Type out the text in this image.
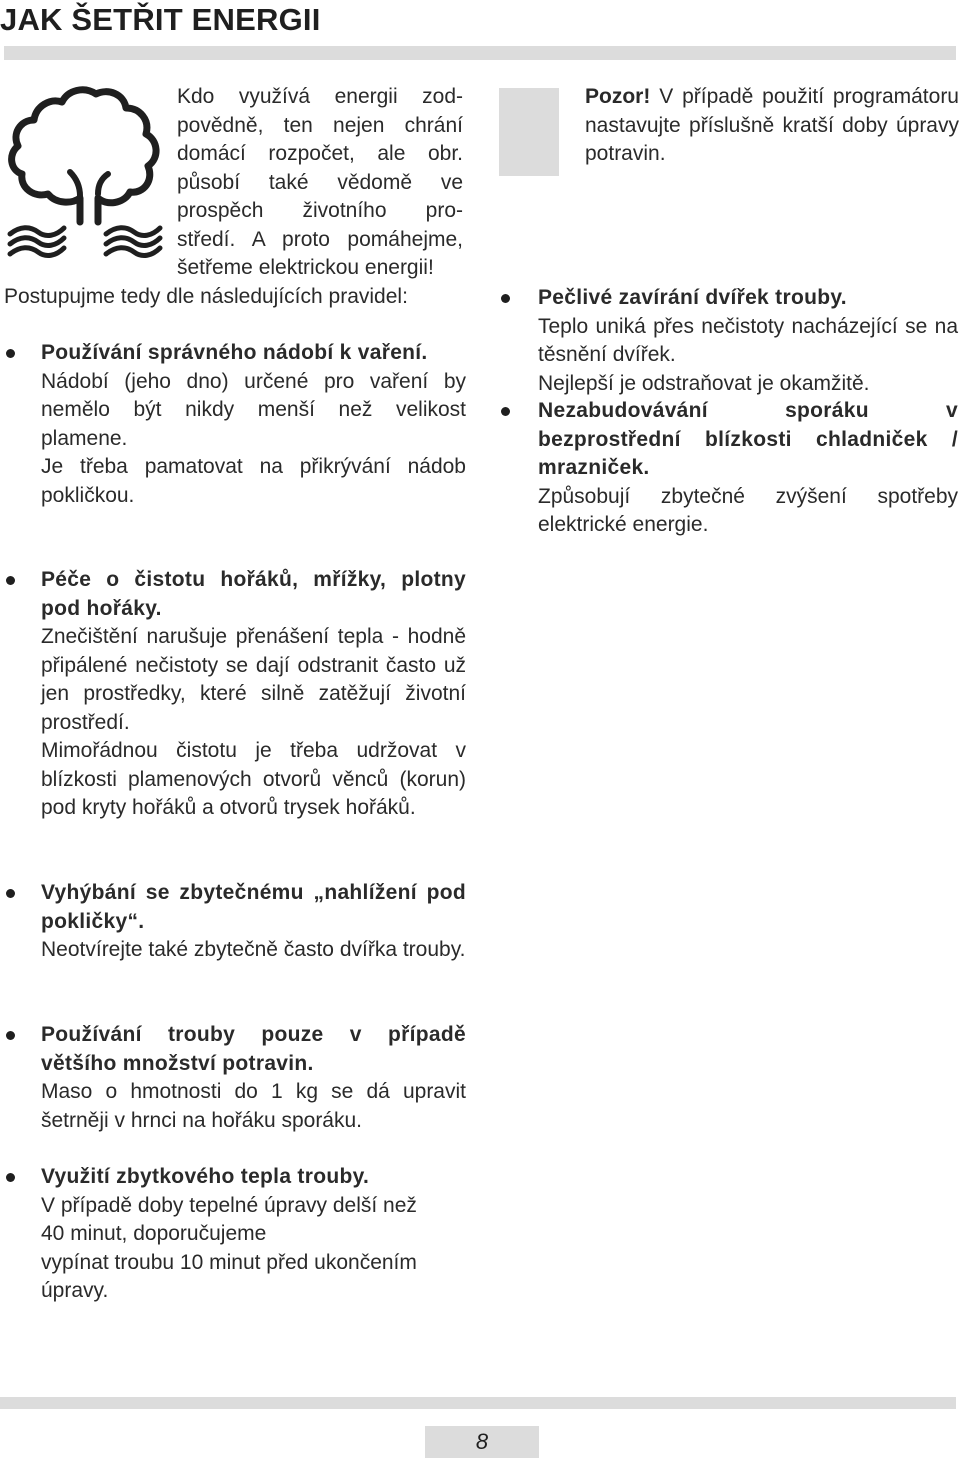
JAK ŠETŘIT ENERGII
Kdo využívá energii zod-
povědně, ten nejen chrání
domácí rozpočet, ale obr.
působí také vědomě ve
prospěch životního pro-
středí. A proto pomáhejme,
šetřeme elektrickou energii!
Postupujme tedy dle následujících pravidel:

Používání správného nádobí k vaření.

Nádobí (jeho dno) určené pro vaření by nemělo být nikdy menší než velikost plamene.

Je třeba pamatovat na přikrývání nádob pokličkou.

Péče o čistotu hořáků, mřížky, plotny pod hořáky.

Znečištění narušuje přenášení tepla - hodně připálené nečistoty se dají odstranit často už jen prostředky, které silně zatěžují životní prostředí.

Mimořádnou čistotu je třeba udržovat v blízkosti plamenových otvorů věnců (korun) pod kryty hořáků a otvorů trysek hořáků.

Vyhýbání se zbytečnému „nahlížení pod pokličky“.

Neotvírejte také zbytečně často dvířka trouby.

Používání trouby pouze v případě většího množství potravin.

Maso o hmotnosti do 1 kg se dá upravit šetrněji v hrnci na hořáku sporáku.

Využití zbytkového tepla trouby.

V případě doby tepelné úpravy delší než

40 minut, doporučujeme

vypínat troubu 10 minut před ukončením úpravy.

Pozor! V případě použití programátoru nastavujte příslušně kratší doby úpravy potravin.

Pečlivé zavírání dvířek trouby.

Teplo uniká přes nečistoty nacházející se na těsnění dvířek.

Nejlepší je odstraňovat je okamžitě.

Nezabudovávání sporáku v bezprostřední blízkosti chladniček / mrazniček.

Způsobují zbytečné zvýšení spotřeby elektrické energie.

8
